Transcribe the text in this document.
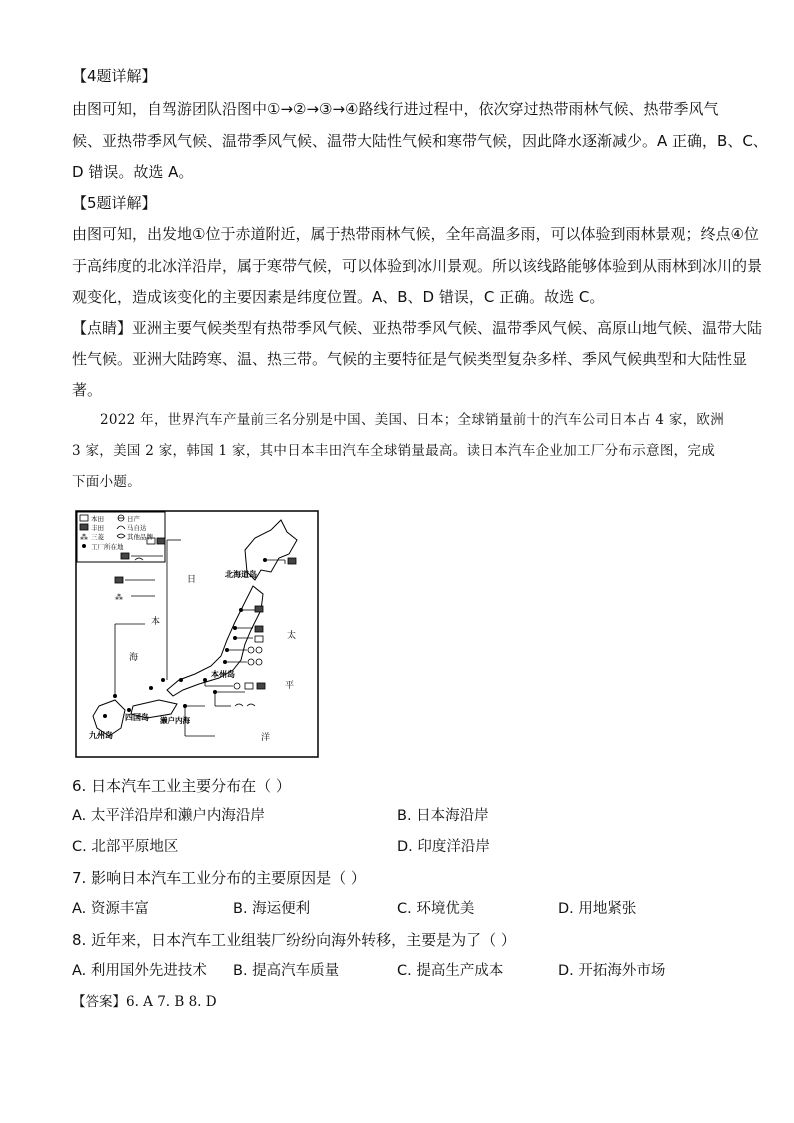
【4题详解】
由图可知，自驾游团队沿图中①→②→③→④路线行进过程中，依次穿过热带雨林气候、热带季风气
候、亚热带季风气候、温带季风气候、温带大陆性气候和寒带气候，因此降水逐渐减少。A 正确，B、C、
D 错误。故选 A。
【5题详解】
由图可知，出发地①位于赤道附近，属于热带雨林气候，全年高温多雨，可以体验到雨林景观；终点④位
于高纬度的北冰洋沿岸，属于寒带气候，可以体验到冰川景观。所以该线路能够体验到从雨林到冰川的景
观变化，造成该变化的主要因素是纬度位置。A、B、D 错误，C 正确。故选 C。
【点睛】亚洲主要气候类型有热带季风气候、亚热带季风气候、温带季风气候、高原山地气候、温带大陆
性气候。亚洲大陆跨寒、温、热三带。气候的主要特征是气候类型复杂多样、季风气候典型和大陆性显
著。
2022 年，世界汽车产量前三名分别是中国、美国、日本；全球销量前十的汽车公司日本占 4 家，欧洲
3 家，美国 2 家，韩国 1 家，其中日本丰田汽车全球销量最高。读日本汽车企业加工厂分布示意图，完成
下面小题。
本田	日产
丰田	马自达
⁂ 三菱	其他品牌
工厂所在地
北海道岛
本州岛
四国岛
九州岛
濑户内海
日
本
海
太
平
洋
⁂
6. 日本汽车工业主要分布在（ ）
A. 太平洋沿岸和濑户内海沿岸	B. 日本海沿岸
C. 北部平原地区	D. 印度洋沿岸
7. 影响日本汽车工业分布的主要原因是（ ）
A. 资源丰富	B. 海运便利	C. 环境优美	D. 用地紧张
8. 近年来，日本汽车工业组装厂纷纷向海外转移，主要是为了（ ）
A. 利用国外先进技术 B. 提高汽车质量	C. 提高生产成本	D. 开拓海外市场
【答案】6. A 7. B 8. D
